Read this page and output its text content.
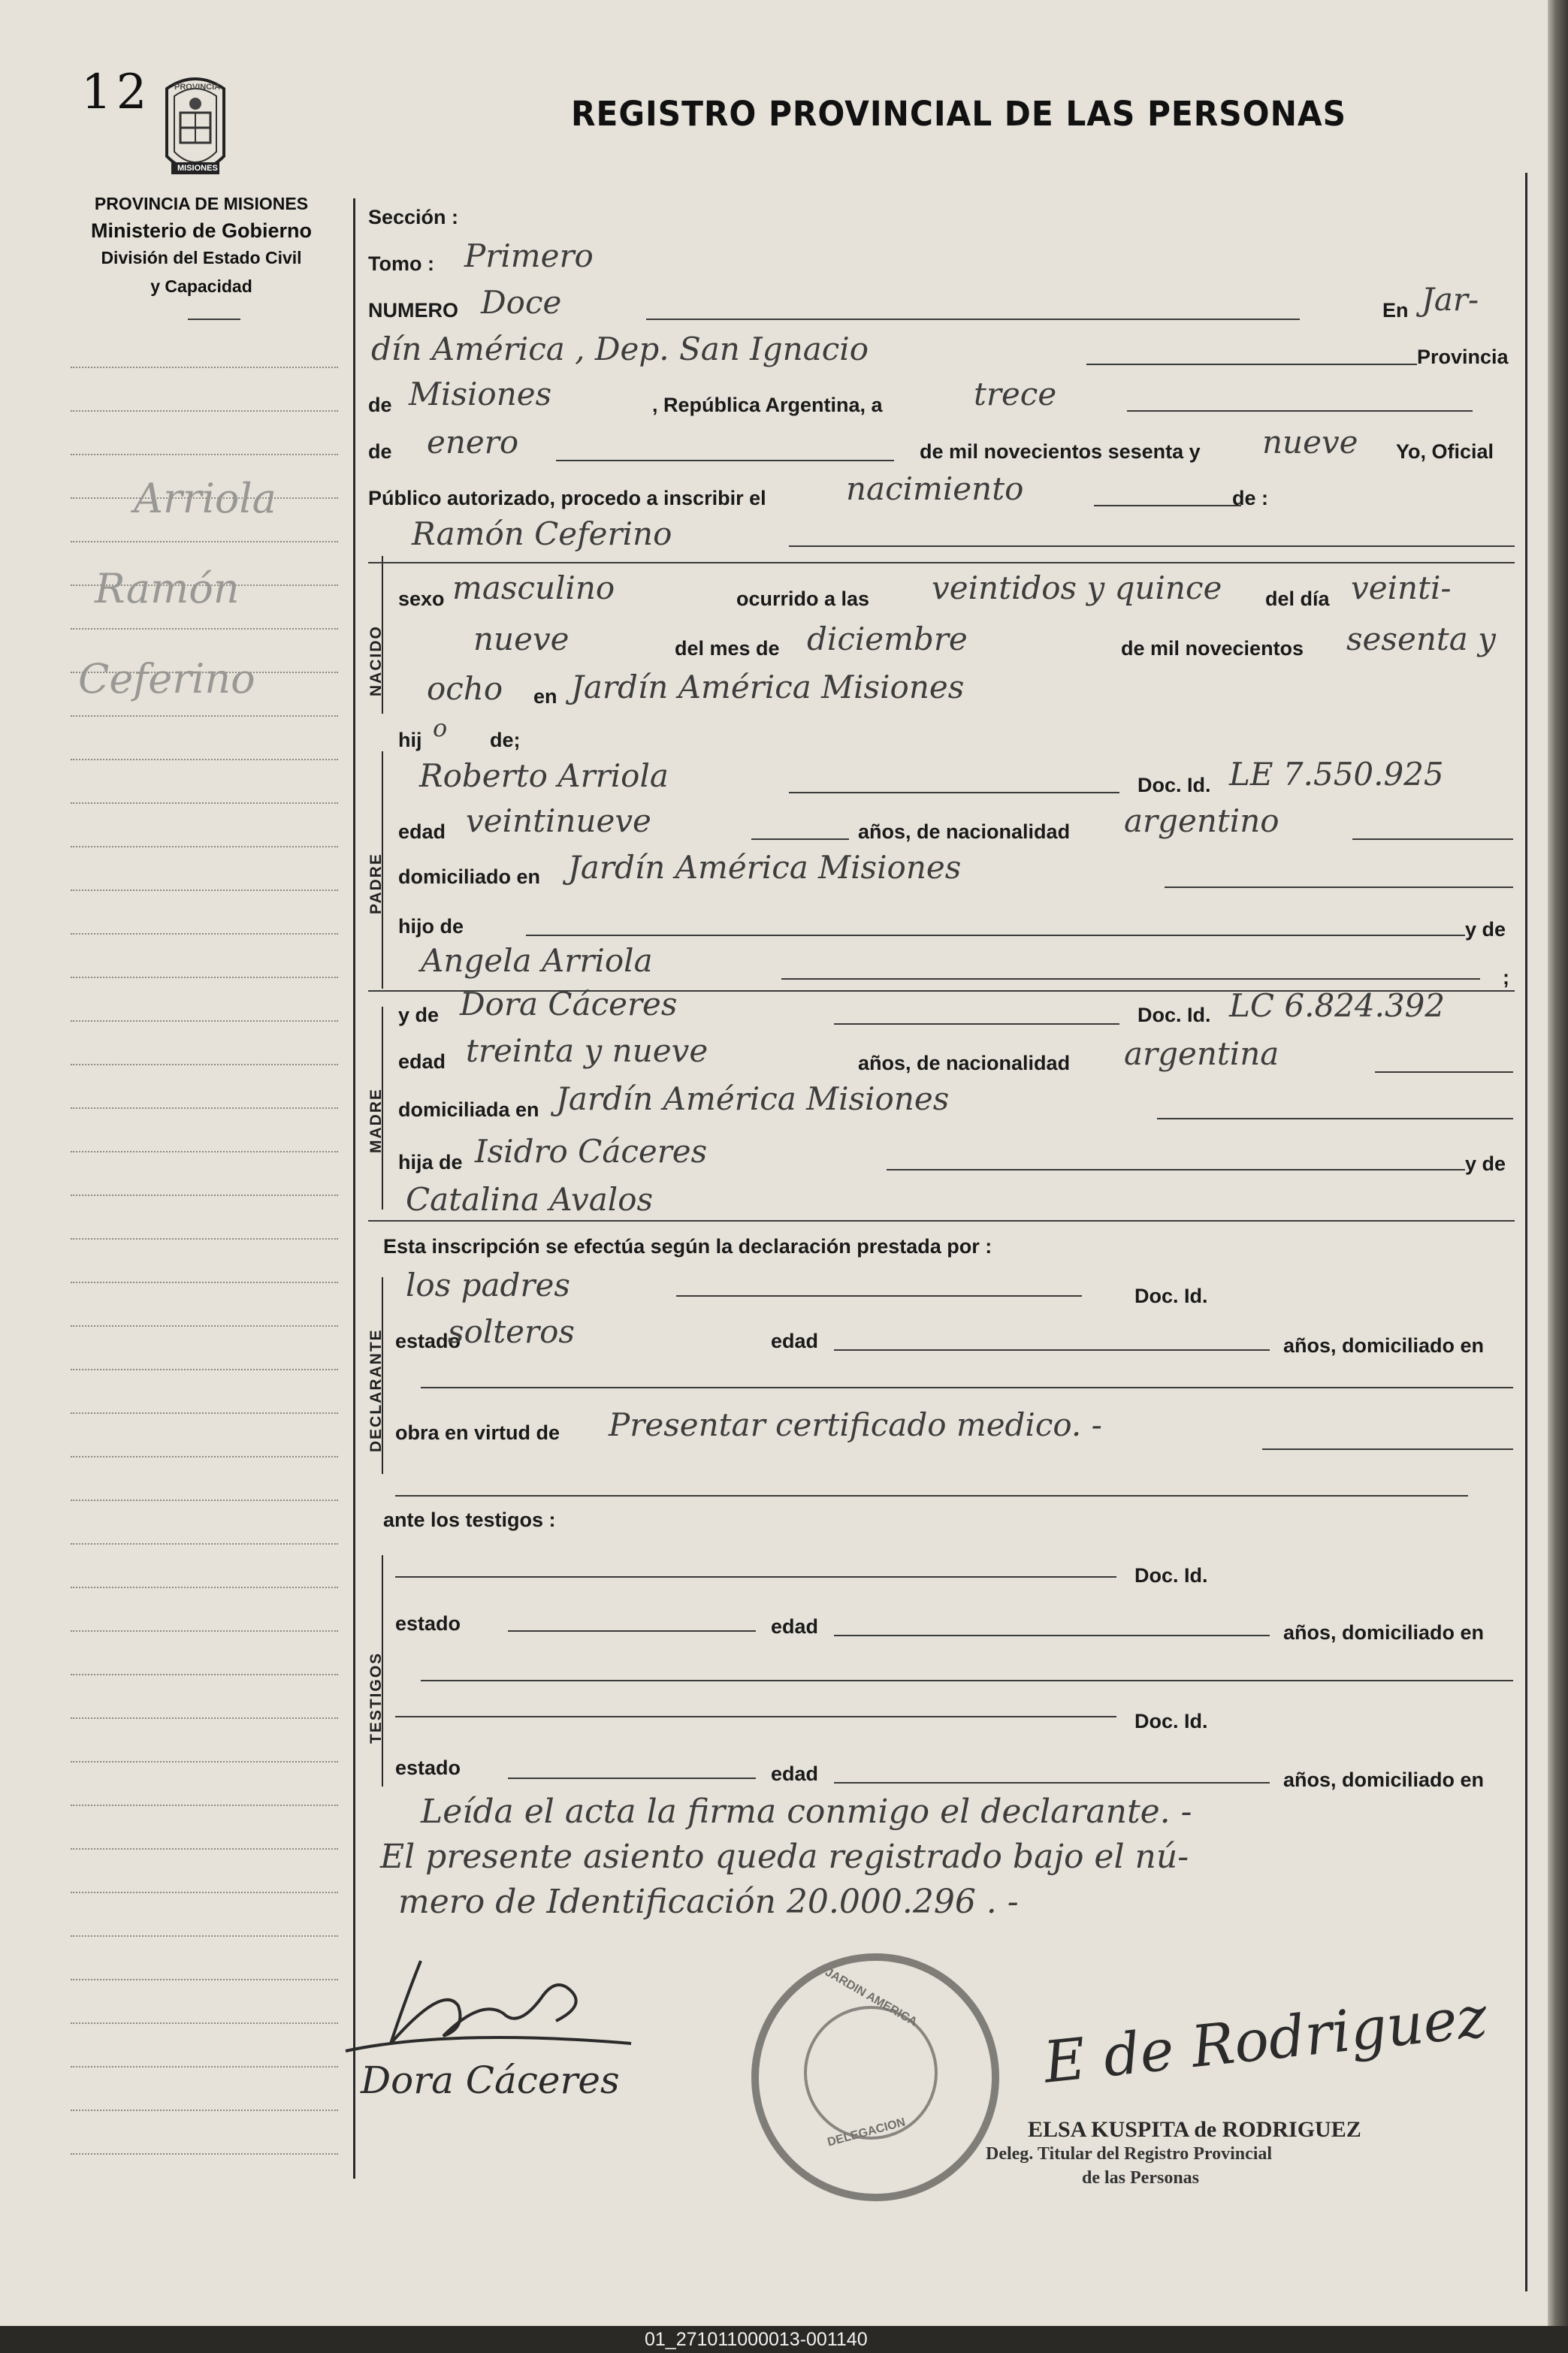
12	PROVINCIA
MISIONES
REGISTRO PROVINCIAL DE LAS PERSONAS
PROVINCIA DE MISIONES
Ministerio de Gobierno
División del Estado Civil
y Capacidad
Arriola
Ramón
Ceferino	NACIDO
PADRE
MADRE
DECLARANTE
TESTIGOS
Sección :
Tomo : Primero
NUMERO Doce	En Jar-
dín América , Dep. San Ignacio	Provincia
de Misiones	, República Argentina, a	trece
de enero	de mil novecientos sesenta y nueve Yo, Oficial
Público autorizado, procedo a inscribir el	nacimiento	de :
Ramón Ceferino
sexo masculino	ocurrido a las veintidos y quince del día veinti-
nueve	del mes de diciembre	de mil novecientos sesenta y
ocho en Jardín América Misiones
hij o de;
Roberto Arriola	Doc. Id. LE 7.550.925
edad veintinueve	años, de nacionalidad argentino
domiciliado en Jardín América Misiones
hijo de	y de
Angela Arriola	;
y de Dora Cáceres	Doc. Id. LC 6.824.392
edad treinta y nueve	años, de nacionalidad argentina
domiciliada en Jardín América Misiones
hija de Isidro Cáceres	y de
Catalina Avalos
Esta inscripción se efectúa según la declaración prestada por :
los padres	Doc. Id.
estado
solteros	edad	años, domiciliado en
obra en virtud de Presentar certificado medico. -
ante los testigos :
Doc. Id.
estado	edad	años, domiciliado en
Doc. Id.
estado	edad	años, domiciliado en
Leída el acta la firma conmigo el declarante. -
El presente asiento queda registrado bajo el nú-
mero de Identificación 20.000.296 . -
Dora Cáceres
JARDIN AMERICA
DELEGACION
E de Rodriguez
ELSA KUSPITA de RODRIGUEZ
Deleg. Titular del Registro Provincial
de las Personas
01_271011000013-001140
